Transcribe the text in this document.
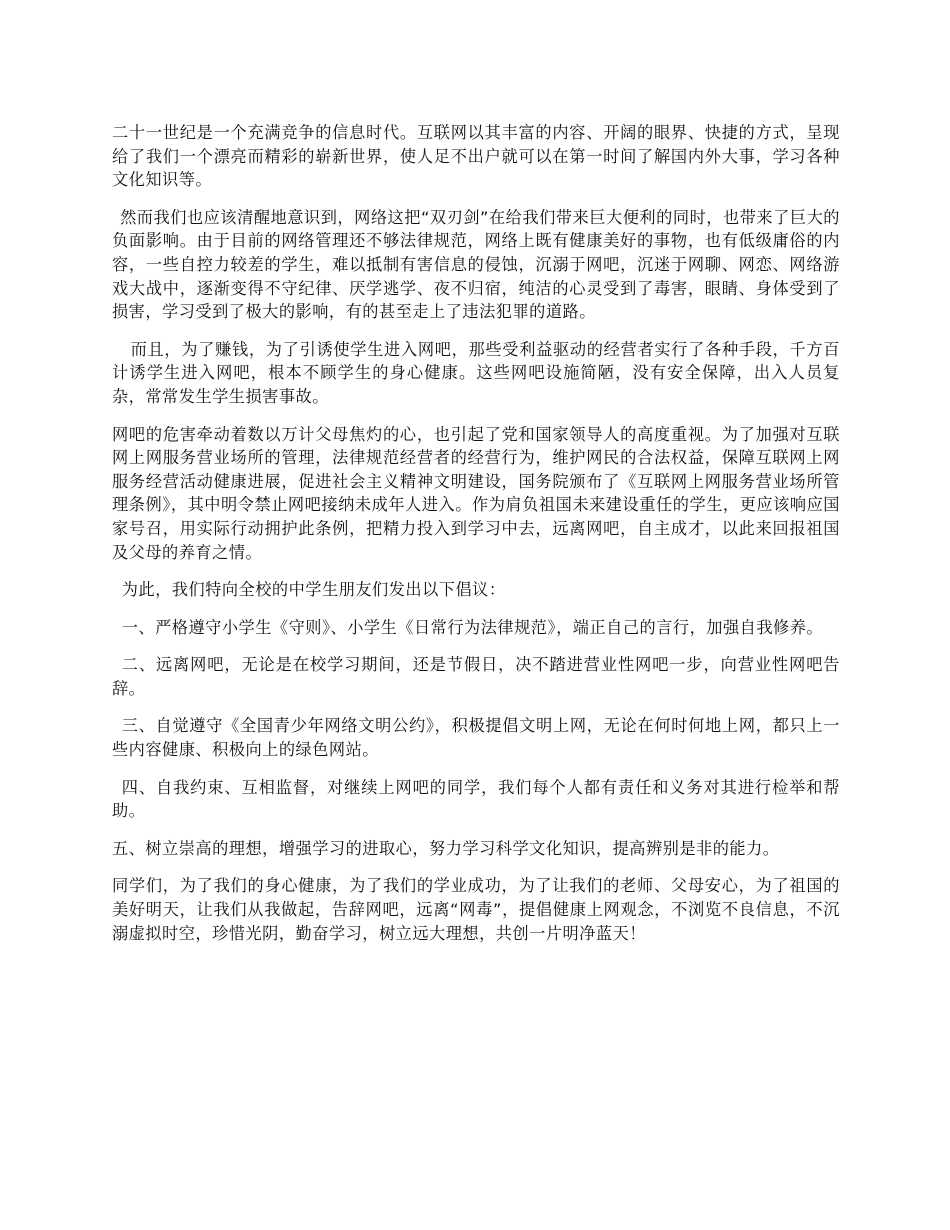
二十一世纪是一个充满竞争的信息时代。互联网以其丰富的内容、开阔的眼界、快捷的方式，呈现给了我们一个漂亮而精彩的崭新世界，使人足不出户就可以在第一时间了解国内外大事，学习各种文化知识等。

然而我们也应该清醒地意识到，网络这把“双刃剑”在给我们带来巨大便利的同时，也带来了巨大的负面影响。由于目前的网络管理还不够法律规范，网络上既有健康美好的事物，也有低级庸俗的内容，一些自控力较差的学生，难以抵制有害信息的侵蚀，沉溺于网吧，沉迷于网聊、网恋、网络游戏大战中，逐渐变得不守纪律、厌学逃学、夜不归宿，纯洁的心灵受到了毒害，眼睛、身体受到了损害，学习受到了极大的影响，有的甚至走上了违法犯罪的道路。

而且，为了赚钱，为了引诱使学生进入网吧，那些受利益驱动的经营者实行了各种手段，千方百计诱学生进入网吧，根本不顾学生的身心健康。这些网吧设施简陋，没有安全保障，出入人员复杂，常常发生学生损害事故。

网吧的危害牵动着数以万计父母焦灼的心，也引起了党和国家领导人的高度重视。为了加强对互联网上网服务营业场所的管理，法律规范经营者的经营行为，维护网民的合法权益，保障互联网上网服务经营活动健康进展，促进社会主义精神文明建设，国务院颁布了《互联网上网服务营业场所管理条例》，其中明令禁止网吧接纳未成年人进入。作为肩负祖国未来建设重任的学生，更应该响应国家号召，用实际行动拥护此条例，把精力投入到学习中去，远离网吧，自主成才，以此来回报祖国及父母的养育之情。

为此，我们特向全校的中学生朋友们发出以下倡议：

一、严格遵守小学生《守则》、小学生《日常行为法律规范》，端正自己的言行，加强自我修养。

二、远离网吧，无论是在校学习期间，还是节假日，决不踏进营业性网吧一步，向营业性网吧告辞。

三、自觉遵守《全国青少年网络文明公约》，积极提倡文明上网，无论在何时何地上网，都只上一些内容健康、积极向上的绿色网站。

四、自我约束、互相监督，对继续上网吧的同学，我们每个人都有责任和义务对其进行检举和帮助。

五、树立崇高的理想，增强学习的进取心，努力学习科学文化知识，提高辨别是非的能力。

同学们，为了我们的身心健康，为了我们的学业成功，为了让我们的老师、父母安心，为了祖国的美好明天，让我们从我做起，告辞网吧，远离“网毒”，提倡健康上网观念，不浏览不良信息，不沉溺虚拟时空，珍惜光阴，勤奋学习，树立远大理想，共创一片明净蓝天！
